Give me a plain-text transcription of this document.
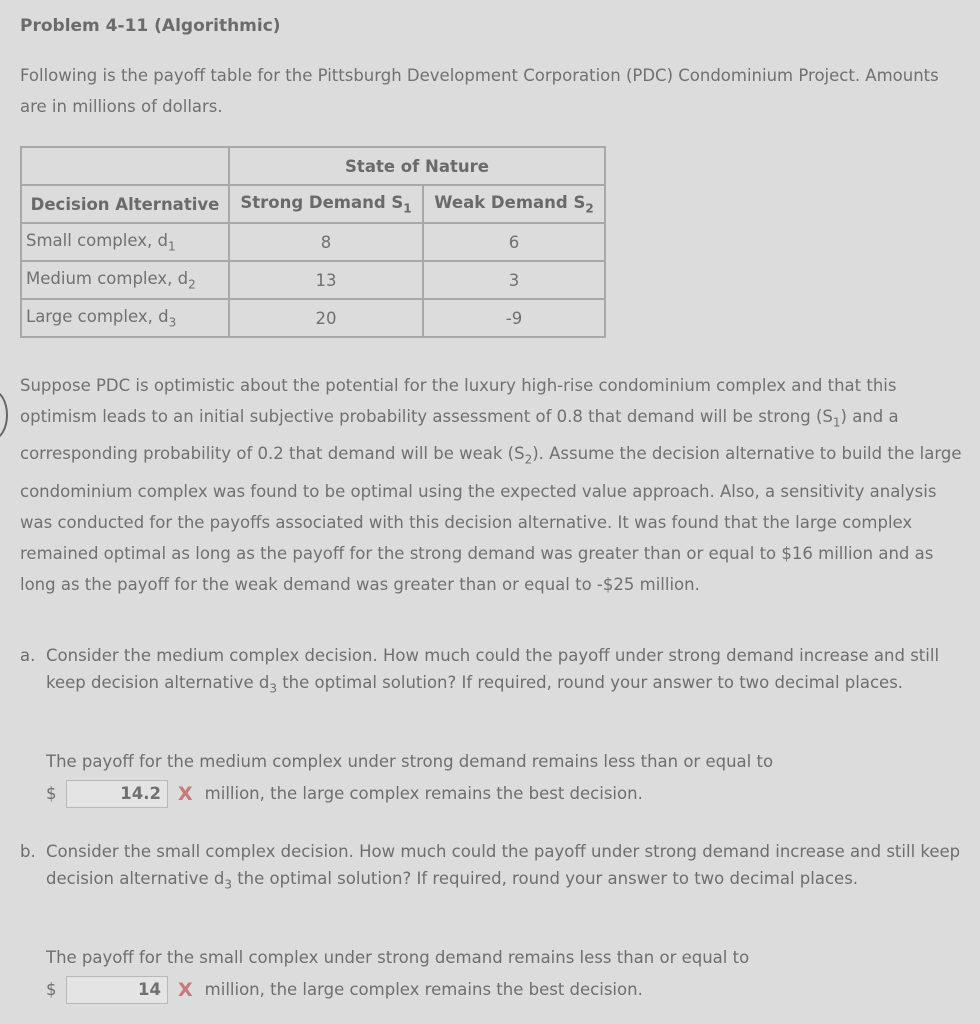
Problem 4-11 (Algorithmic)
Following is the payoff table for the Pittsburgh Development Corporation (PDC) Condominium Project. Amounts are in millions of dollars.
	State of Nature	
Decision Alternative	Strong Demand $S_1$	Weak Demand $S_2$
Small complex, $d_1$	8	6
Medium complex, $d_2$	13	3
Large complex, $d_3$	20	-9
Suppose PDC is optimistic about the potential for the luxury high-rise condominium complex and that this optimism leads to an initial subjective probability assessment of 0.8 that demand will be strong $(S_1)$ and a corresponding probability of 0.2 that demand will be weak $(S_2)$. Assume the decision alternative to build the large condominium complex was found to be optimal using the expected value approach. Also, a sensitivity analysis was conducted for the payoffs associated with this decision alternative. It was found that the large complex remained optimal as long as the payoff for the strong demand was greater than or equal to $16 million and as long as the payoff for the weak demand was greater than or equal to -$25 million.
a. Consider the medium complex decision. How much could the payoff under strong demand increase and still keep decision alternative $d_3$ the optimal solution? If required, round your answer to two decimal places.
The payoff for the medium complex under strong demand remains less than or equal to
$	14.2 X million, the large complex remains the best decision.
b. Consider the small complex decision. How much could the payoff under strong demand increase and still keep decision alternative $d_3$ the optimal solution? If required, round your answer to two decimal places.
The payoff for the small complex under strong demand remains less than or equal to
$	14 X million, the large complex remains the best decision.
